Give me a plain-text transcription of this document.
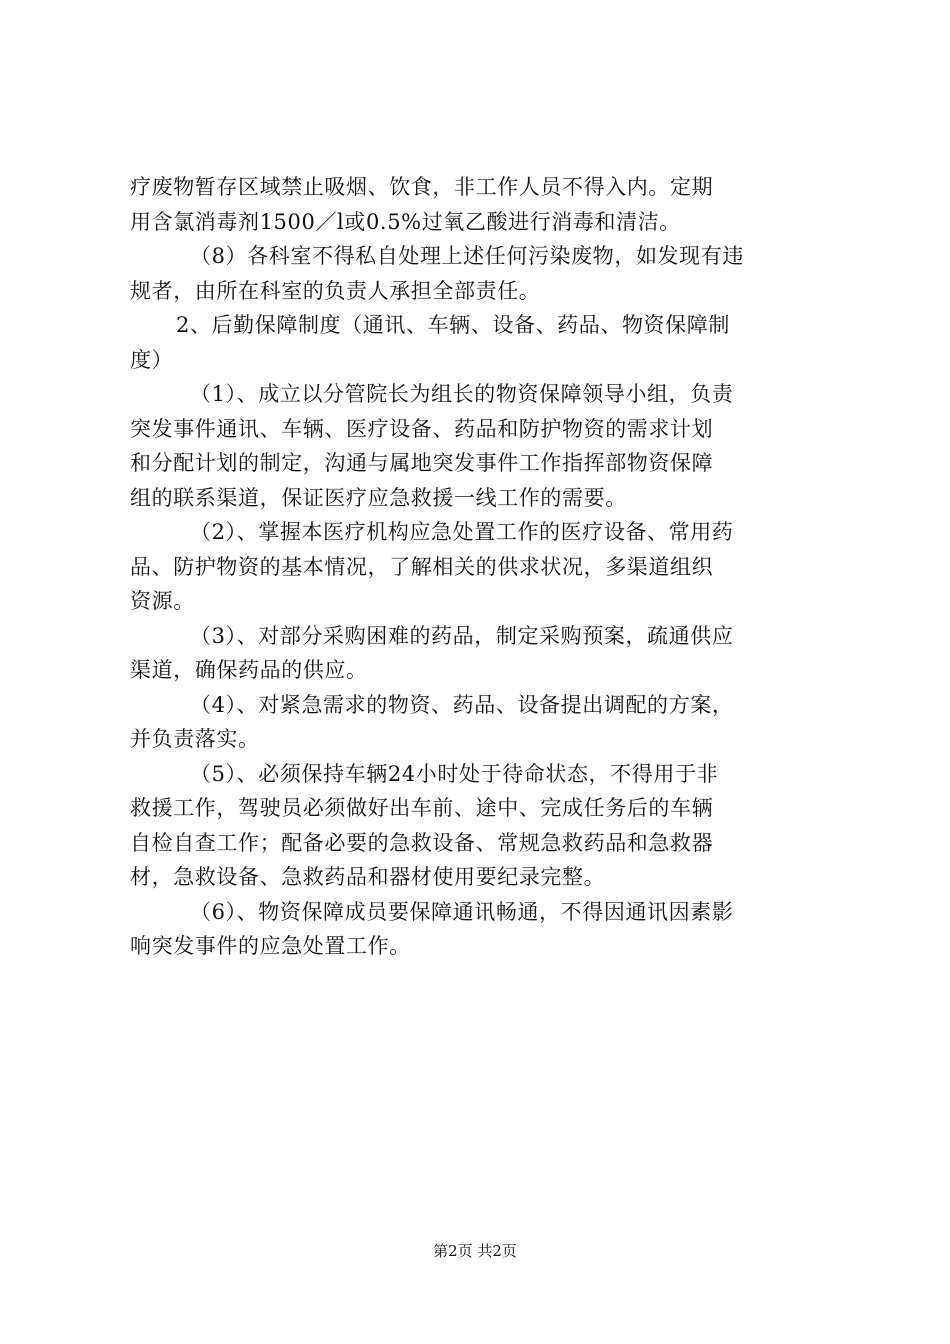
疗废物暂存区域禁止吸烟、饮食，非工作人员不得入内。定期
用含氯消毒剂1500／l或0.5%过氧乙酸进行消毒和清洁。
（8）各科室不得私自处理上述任何污染废物，如发现有违
规者，由所在科室的负责人承担全部责任。
2、后勤保障制度（通讯、车辆、设备、药品、物资保障制
度）
（1）、成立以分管院长为组长的物资保障领导小组，负责
突发事件通讯、车辆、医疗设备、药品和防护物资的需求计划
和分配计划的制定，沟通与属地突发事件工作指挥部物资保障
组的联系渠道，保证医疗应急救援一线工作的需要。
（2）、掌握本医疗机构应急处置工作的医疗设备、常用药
品、防护物资的基本情况，了解相关的供求状况，多渠道组织
资源。
（3）、对部分采购困难的药品，制定采购预案，疏通供应
渠道，确保药品的供应。
（4）、对紧急需求的物资、药品、设备提出调配的方案，
并负责落实。
（5）、必须保持车辆24小时处于待命状态，不得用于非
救援工作，驾驶员必须做好出车前、途中、完成任务后的车辆
自检自查工作；配备必要的急救设备、常规急救药品和急救器
材，急救设备、急救药品和器材使用要纪录完整。
（6）、物资保障成员要保障通讯畅通，不得因通讯因素影
响突发事件的应急处置工作。
第2页 共2页
